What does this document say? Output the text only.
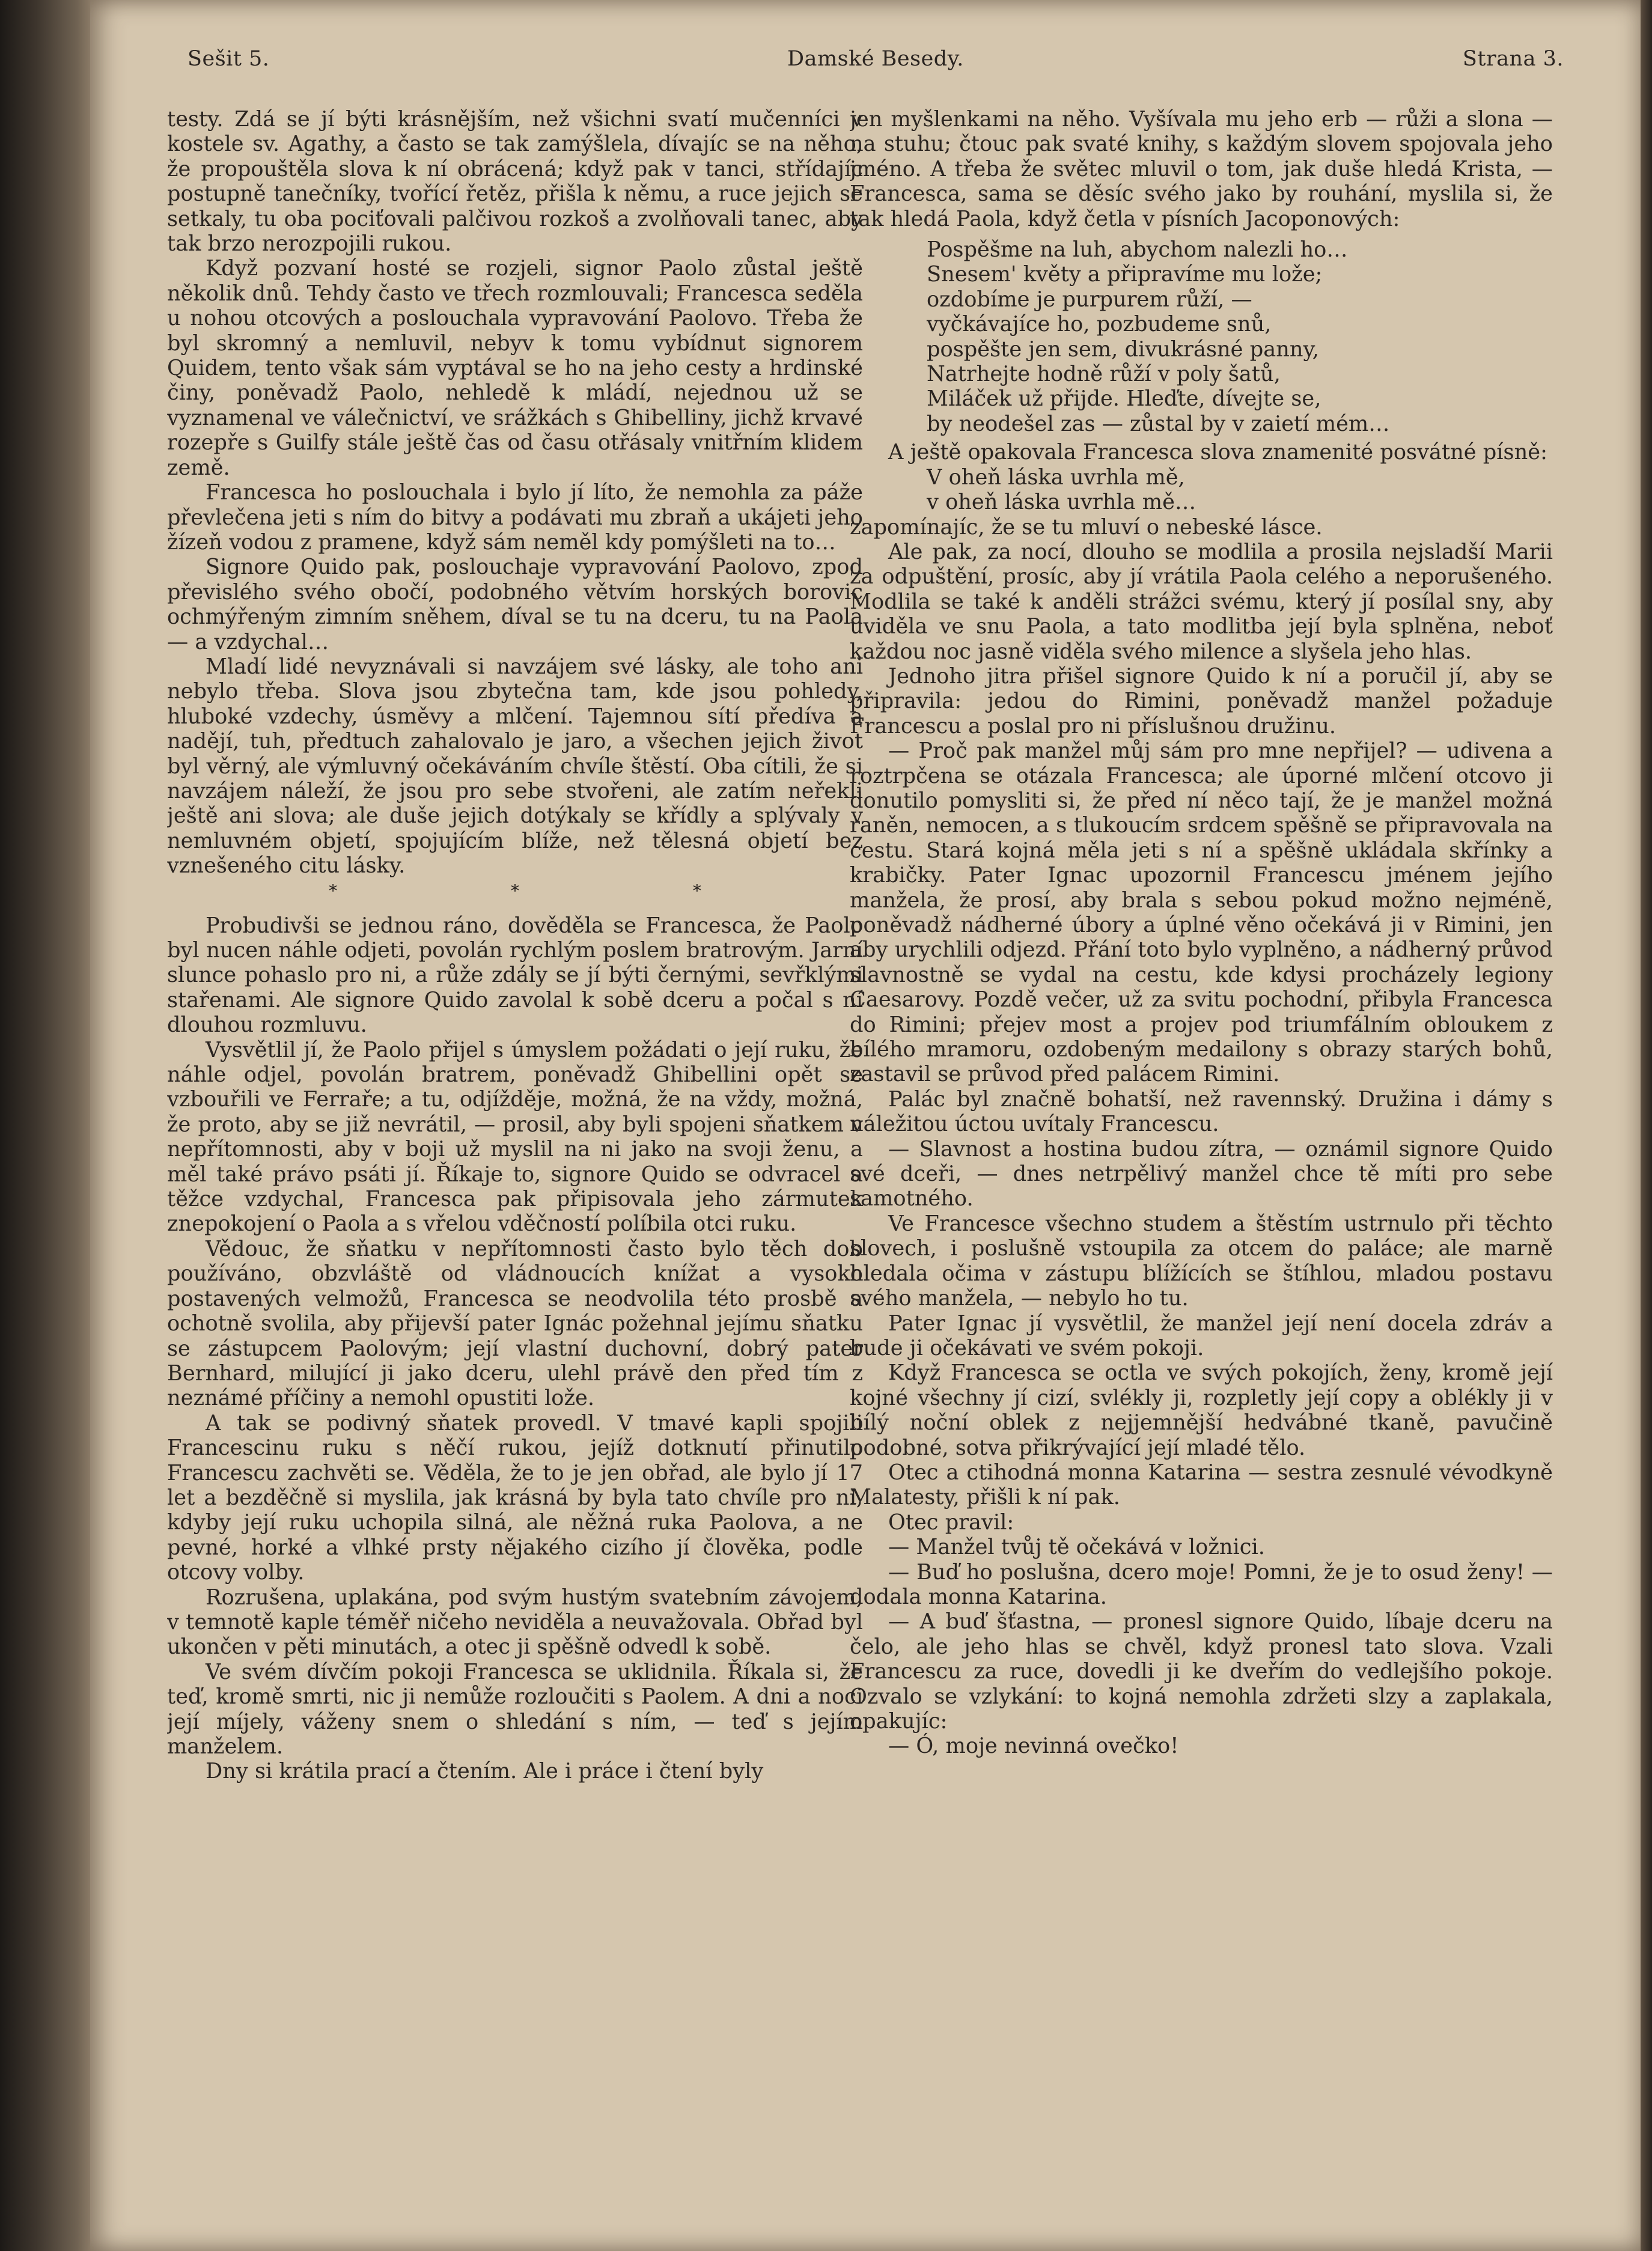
Sešit 5.	Damské Besedy.	Strana 3.

testy. Zdá se jí býti krásnějším, než všichni svatí mučenníci v kostele sv. Agathy, a často se tak zamýšlela, dívajíc se na něho, že propouštěla slova k ní obrácená; když pak v tanci, střídajíc postupně tanečníky, tvořící řetěz, přišla k němu, a ruce jejich se setkaly, tu oba pociťovali palčivou rozkoš a zvolňovali tanec, aby tak brzo nerozpojili rukou.

Když pozvaní hosté se rozjeli, signor Paolo zůstal ještě několik dnů. Tehdy často ve třech rozmlouvali; Francesca seděla u nohou otcových a poslouchala vypravování Paolovo. Třeba že byl skromný a nemluvil, nebyv k tomu vybídnut signorem Quidem, tento však sám vyptával se ho na jeho cesty a hrdinské činy, poněvadž Paolo, nehledě k mládí, nejednou už se vyznamenal ve válečnictví, ve srážkách s Ghibelliny, jichž krvavé rozepře s Guilfy stále ještě čas od času otřásaly vnitřním klidem země.

Francesca ho poslouchala i bylo jí líto, že nemohla za páže převlečena jeti s ním do bitvy a podávati mu zbraň a ukájeti jeho žízeň vodou z pramene, když sám neměl kdy pomýšleti na to…

Signore Quido pak, poslouchaje vypravování Paolovo, zpod převislého svého obočí, podobného větvím horských borovic ochmýřeným zimním sněhem, díval se tu na dceru, tu na Paola — a vzdychal…

Mladí lidé nevyznávali si navzájem své lásky, ale toho ani nebylo třeba. Slova jsou zbytečna tam, kde jsou pohledy, hluboké vzdechy, úsměvy a mlčení. Tajemnou sítí předíva a nadějí, tuh, předtuch zahalovalo je jaro, a všechen jejich život byl věrný, ale výmluvný očekáváním chvíle štěstí. Oba cítili, že si navzájem náleží, že jsou pro sebe stvořeni, ale zatím neřekli ještě ani slova; ale duše jejich dotýkaly se křídly a splývaly v nemluvném objetí, spojujícím blíže, než tělesná objetí bez vznešeného citu lásky.

* * *

Probudivši se jednou ráno, dověděla se Francesca, že Paolo byl nucen náhle odjeti, povolán rychlým poslem bratrovým. Jarní slunce pohaslo pro ni, a růže zdály se jí býti černými, sevřklými stařenami. Ale signore Quido zavolal k sobě dceru a počal s ní dlouhou rozmluvu.

Vysvětlil jí, že Paolo přijel s úmyslem požádati o její ruku, že náhle odjel, povolán bratrem, poněvadž Ghibellini opět se vzbouřili ve Ferraře; a tu, odjížděje, možná, že na vždy, možná, že proto, aby se již nevrátil, — prosil, aby byli spojeni sňatkem v nepřítomnosti, aby v boji už myslil na ni jako na svoji ženu, a měl také právo psáti jí. Říkaje to, signore Quido se odvracel a těžce vzdychal, Francesca pak připisovala jeho zármutek znepokojení o Paola a s vřelou vděčností políbila otci ruku.

Vědouc, že sňatku v nepřítomnosti často bylo těch dob používáno, obzvláště od vládnoucích knížat a vysoko postavených velmožů, Francesca se neodvolila této prosbě a ochotně svolila, aby přijevší pater Ignác požehnal jejímu sňatku se zástupcem Paolovým; její vlastní duchovní, dobrý pater Bernhard, milující ji jako dceru, ulehl právě den před tím z neznámé příčiny a nemohl opustiti lože.

A tak se podivný sňatek provedl. V tmavé kapli spojili Francescinu ruku s něčí rukou, jejíž dotknutí přinutilo Francescu zachvěti se. Věděla, že to je jen obřad, ale bylo jí 17 let a bezděčně si myslila, jak krásná by byla tato chvíle pro ni, kdyby její ruku uchopila silná, ale něžná ruka Paolova, a ne pevné, horké a vlhké prsty nějakého cizího jí člověka, podle otcovy volby.

Rozrušena, uplakána, pod svým hustým svatebním závojem, v temnotě kaple téměř ničeho neviděla a neuvažovala. Obřad byl ukončen v pěti minutách, a otec ji spěšně odvedl k sobě.

Ve svém dívčím pokoji Francesca se uklidnila. Říkala si, že teď, kromě smrti, nic ji nemůže rozloučiti s Paolem. A dni a noci její míjely, váženy snem o shledání s ním, — teď s jejím manželem.

Dny si krátila prací a čtením. Ale i práce i čtení byly

jen myšlenkami na něho. Vyšívala mu jeho erb — růži a slona — na stuhu; čtouc pak svaté knihy, s každým slovem spojovala jeho jméno. A třeba že světec mluvil o tom, jak duše hledá Krista, — Francesca, sama se děsíc svého jako by rouhání, myslila si, že tak hledá Paola, když četla v písních Jacoponových:

Pospěšme na luh, abychom nalezli ho…
Snesem' květy a připravíme mu lože;
ozdobíme je purpurem růží, —
vyčkávajíce ho, pozbudeme snů,
pospěšte jen sem, divukrásné panny,
Natrhejte hodně růží v poly šatů,
Miláček už přijde. Hleďte, dívejte se,
by neodešel zas — zůstal by v zaietí mém…

A ještě opakovala Francesca slova znamenité posvátné písně:

V oheň láska uvrhla mě,
v oheň láska uvrhla mě…

zapomínajíc, že se tu mluví o nebeské lásce.

Ale pak, za nocí, dlouho se modlila a prosila nejsladší Marii za odpuštění, prosíc, aby jí vrátila Paola celého a neporušeného. Modlila se také k anděli strážci svému, který jí posílal sny, aby uviděla ve snu Paola, a tato modlitba její byla splněna, neboť každou noc jasně viděla svého milence a slyšela jeho hlas.

Jednoho jitra přišel signore Quido k ní a poručil jí, aby se připravila: jedou do Rimini, poněvadž manžel požaduje Francescu a poslal pro ni příslušnou družinu.

— Proč pak manžel můj sám pro mne nepřijel? — udivena a roztrpčena se otázala Francesca; ale úporné mlčení otcovo ji donutilo pomysliti si, že před ní něco tají, že je manžel možná raněn, nemocen, a s tlukoucím srdcem spěšně se připravovala na cestu. Stará kojná měla jeti s ní a spěšně ukládala skřínky a krabičky. Pater Ignac upozornil Francescu jménem jejího manžela, že prosí, aby brala s sebou pokud možno nejméně, poněvadž nádherné úbory a úplné věno očekává ji v Rimini, jen aby urychlili odjezd. Přání toto bylo vyplněno, a nádherný průvod slavnostně se vydal na cestu, kde kdysi procházely legiony Caesarovy. Pozdě večer, už za svitu pochodní, přibyla Francesca do Rimini; přejev most a projev pod triumfálním obloukem z bílého mramoru, ozdobeným medailony s obrazy starých bohů, zastavil se průvod před palácem Rimini.

Palác byl značně bohatší, než ravennský. Družina i dámy s náležitou úctou uvítaly Francescu.

— Slavnost a hostina budou zítra, — oznámil signore Quido své dceři, — dnes netrpělivý manžel chce tě míti pro sebe samotného.

Ve Francesce všechno studem a štěstím ustrnulo při těchto slovech, i poslušně vstoupila za otcem do paláce; ale marně hledala očima v zástupu blížících se štíhlou, mladou postavu svého manžela, — nebylo ho tu.

Pater Ignac jí vysvětlil, že manžel její není docela zdráv a bude ji očekávati ve svém pokoji.

Když Francesca se octla ve svých pokojích, ženy, kromě její kojné všechny jí cizí, svlékly ji, rozpletly její copy a oblékly ji v bílý noční oblek z nejjemnější hedvábné tkaně, pavučině podobné, sotva přikrývající její mladé tělo.

Otec a ctihodná monna Katarina — sestra zesnulé vévodkyně Malatesty, přišli k ní pak.

Otec pravil:

— Manžel tvůj tě očekává v ložnici.

— Buď ho poslušna, dcero moje! Pomni, že je to osud ženy! — dodala monna Katarina.

— A buď šťastna, — pronesl signore Quido, líbaje dceru na čelo, ale jeho hlas se chvěl, když pronesl tato slova. Vzali Francescu za ruce, dovedli ji ke dveřím do vedlejšího pokoje. Ozvalo se vzlykání: to kojná nemohla zdržeti slzy a zaplakala, opakujíc:

— Ó, moje nevinná ovečko!
